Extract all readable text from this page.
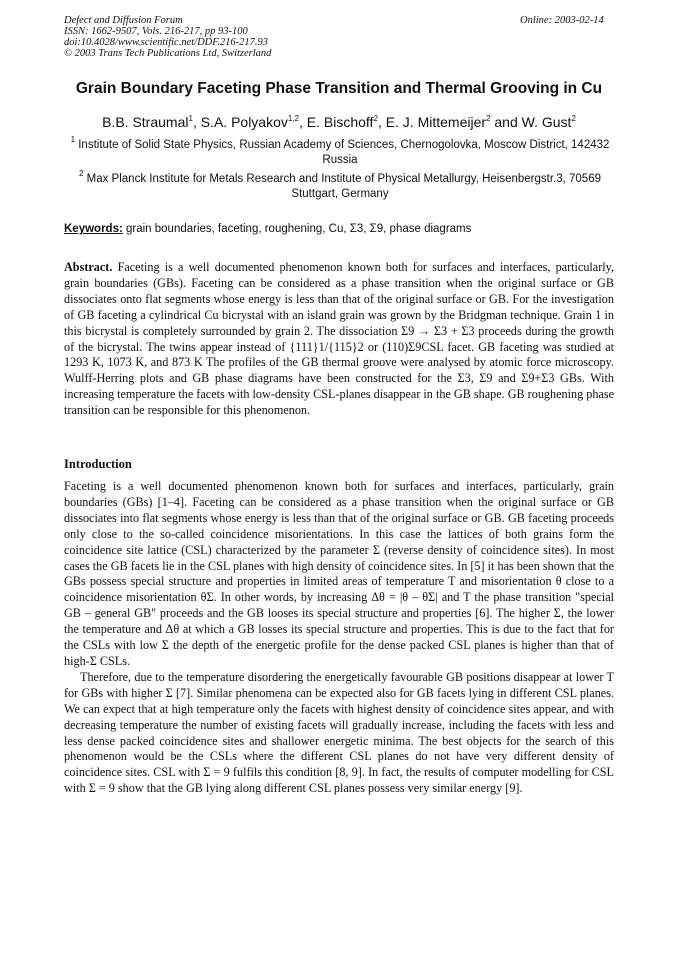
Defect and Diffusion Forum
ISSN: 1662-9507, Vols. 216-217, pp 93-100
doi:10.4028/www.scientific.net/DDF.216-217.93
© 2003 Trans Tech Publications Ltd, Switzerland
Online: 2003-02-14
Grain Boundary Faceting Phase Transition and Thermal Grooving in Cu
B.B. Straumal$^1$, S.A. Polyakov$^{1,2}$, E. Bischoff$^2$, E. J. Mittemeijer$^2$ and W. Gust$^2$
$^1$ Institute of Solid State Physics, Russian Academy of Sciences, Chernogolovka, Moscow District, 142432 Russia
$^2$ Max Planck Institute for Metals Research and Institute of Physical Metallurgy, Heisenbergstr.3, 70569 Stuttgart, Germany
Keywords: grain boundaries, faceting, roughening, Cu, Σ3, Σ9, phase diagrams
Abstract. Faceting is a well documented phenomenon known both for surfaces and interfaces, particularly, grain boundaries (GBs). Faceting can be considered as a phase transition when the original surface or GB dissociates onto flat segments whose energy is less than that of the original surface or GB. For the investigation of GB faceting a cylindrical Cu bicrystal with an island grain was grown by the Bridgman technique. Grain 1 in this bicrystal is completely surrounded by grain 2. The dissociation Σ9 → Σ3 + Σ3 proceeds during the growth of the bicrystal. The twins appear instead of {111}1/{115}2 or (110)Σ9CSL facet. GB faceting was studied at 1293 K, 1073 K, and 873 K The profiles of the GB thermal groove were analysed by atomic force microscopy. Wulff-Herring plots and GB phase diagrams have been constructed for the Σ3, Σ9 and Σ9+Σ3 GBs. With increasing temperature the facets with low-density CSL-planes disappear in the GB shape. GB roughening phase transition can be responsible for this phenomenon.
Introduction

Faceting is a well documented phenomenon known both for surfaces and interfaces, particularly, grain boundaries (GBs) [1–4]. Faceting can be considered as a phase transition when the original surface or GB dissociates into flat segments whose energy is less than that of the original surface or GB. GB faceting proceeds only close to the so-called coincidence misorientations. In this case the lattices of both grains form the coincidence site lattice (CSL) characterized by the parameter Σ (reverse density of coincidence sites). In most cases the GB facets lie in the CSL planes with high density of coincidence sites. In [5] it has been shown that the GBs possess special structure and properties in limited areas of temperature T and misorientation θ close to a coincidence misorientation θΣ. In other words, by increasing Δθ = |θ – θΣ| and T the phase transition "special GB – general GB" proceeds and the GB looses its special structure and properties [6]. The higher Σ, the lower the temperature and Δθ at which a GB losses its special structure and properties. This is due to the fact that for the CSLs with low Σ the depth of the energetic profile for the dense packed CSL planes is higher than that of high-Σ CSLs.

Therefore, due to the temperature disordering the energetically favourable GB positions disappear at lower T for GBs with higher Σ [7]. Similar phenomena can be expected also for GB facets lying in different CSL planes. We can expect that at high temperature only the facets with highest density of coincidence sites appear, and with decreasing temperature the number of existing facets will gradually increase, including the facets with less and less dense packed coincidence sites and shallower energetic minima. The best objects for the search of this phenomenon would be the CSLs where the different CSL planes do not have very different density of coincidence sites. CSL with Σ = 9 fulfils this condition [8, 9]. In fact, the results of computer modelling for CSL with Σ = 9 show that the GB lying along different CSL planes possess very similar energy [9].
